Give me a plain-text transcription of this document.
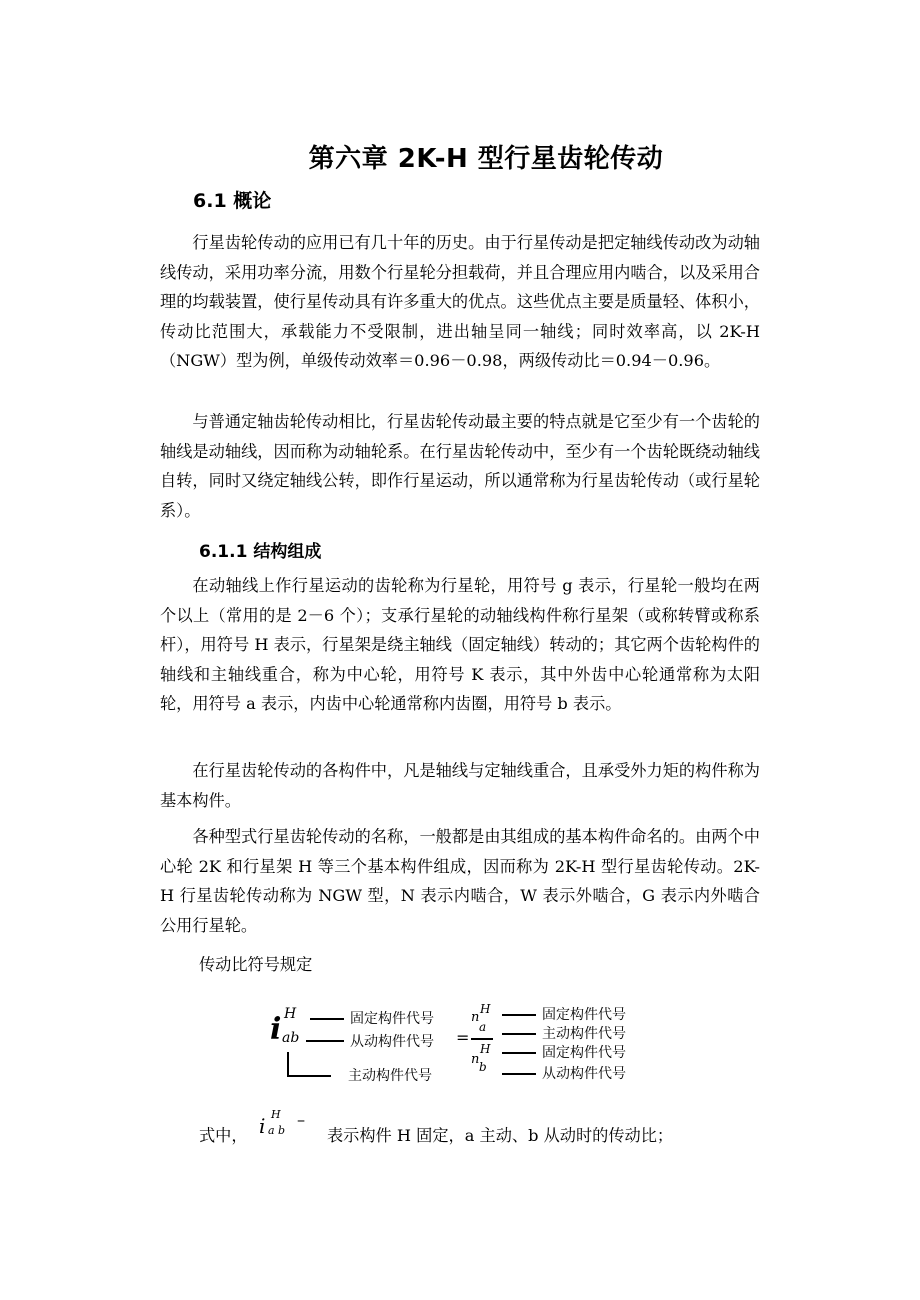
第六章 2K-H 型行星齿轮传动
6.1 概论

行星齿轮传动的应用已有几十年的历史。由于行星传动是把定轴线传动改为动轴线传动，采用功率分流，用数个行星轮分担载荷，并且合理应用内啮合，以及采用合理的均载装置，使行星传动具有许多重大的优点。这些优点主要是质量轻、体积小，传动比范围大，承载能力不受限制，进出轴呈同一轴线；同时效率高，以 2K-H（NGW）型为例，单级传动效率＝0.96－0.98，两级传动比＝0.94－0.96。

与普通定轴齿轮传动相比，行星齿轮传动最主要的特点就是它至少有一个齿轮的轴线是动轴线，因而称为动轴轮系。在行星齿轮传动中，至少有一个齿轮既绕动轴线自转，同时又绕定轴线公转，即作行星运动，所以通常称为行星齿轮传动（或行星轮系）。

6.1.1 结构组成

在动轴线上作行星运动的齿轮称为行星轮，用符号 g 表示，行星轮一般均在两个以上（常用的是 2－6 个）；支承行星轮的动轴线构件称行星架（或称转臂或称系杆），用符号 H 表示，行星架是绕主轴线（固定轴线）转动的；其它两个齿轮构件的轴线和主轴线重合，称为中心轮，用符号 K 表示，其中外齿中心轮通常称为太阳轮，用符号 a 表示，内齿中心轮通常称内齿圈，用符号 b 表示。

在行星齿轮传动的各构件中，凡是轴线与定轴线重合，且承受外力矩的构件称为基本构件。

各种型式行星齿轮传动的名称，一般都是由其组成的基本构件命名的。由两个中心轮 2K 和行星架 H 等三个基本构件组成，因而称为 2K-H 型行星齿轮传动。2K-H 行星齿轮传动称为 NGW 型，N 表示内啮合，W 表示外啮合，G 表示内外啮合公用行星轮。

传动比符号规定
i H
ab
固定构件代号
从动构件代号
主动构件代号
=
n
H
a
n
H
b
固定构件代号
主动构件代号
固定构件代号
从动构件代号
式中， i H
a b
–
表示构件 H 固定，a 主动、b 从动时的传动比；
